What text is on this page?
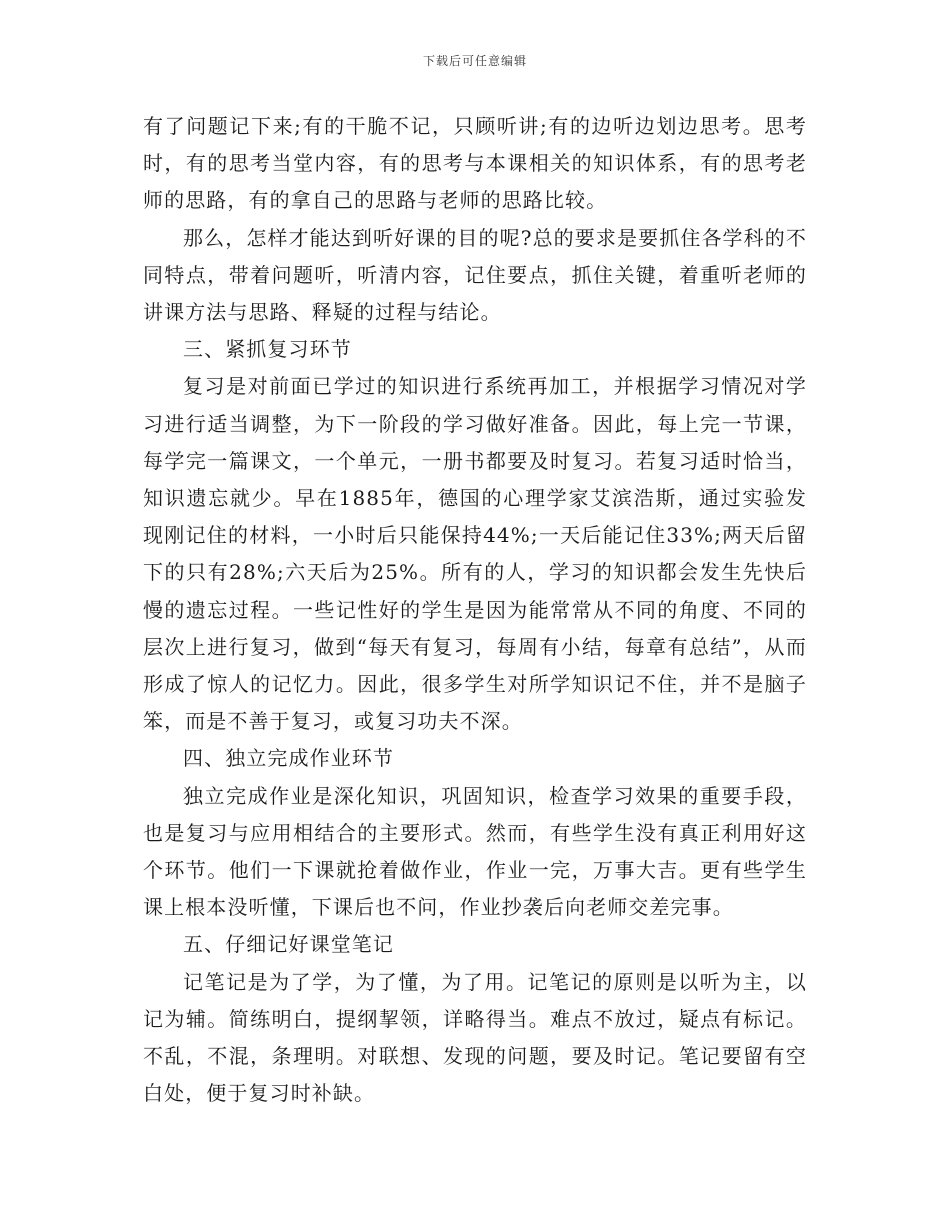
下载后可任意编辑

有了问题记下来;有的干脆不记，只顾听讲;有的边听边划边思考。思考时，有的思考当堂内容，有的思考与本课相关的知识体系，有的思考老师的思路，有的拿自己的思路与老师的思路比较。

那么，怎样才能达到听好课的目的呢?总的要求是要抓住各学科的不同特点，带着问题听，听清内容，记住要点，抓住关键，着重听老师的讲课方法与思路、释疑的过程与结论。

三、紧抓复习环节

复习是对前面已学过的知识进行系统再加工，并根据学习情况对学习进行适当调整，为下一阶段的学习做好准备。因此，每上完一节课，每学完一篇课文，一个单元，一册书都要及时复习。若复习适时恰当，知识遗忘就少。早在1885年，德国的心理学家艾滨浩斯，通过实验发现刚记住的材料，一小时后只能保持44%;一天后能记住33%;两天后留下的只有28%;六天后为25%。所有的人，学习的知识都会发生先快后慢的遗忘过程。一些记性好的学生是因为能常常从不同的角度、不同的层次上进行复习，做到“每天有复习，每周有小结，每章有总结”，从而形成了惊人的记忆力。因此，很多学生对所学知识记不住，并不是脑子笨，而是不善于复习，或复习功夫不深。

四、独立完成作业环节

独立完成作业是深化知识，巩固知识，检查学习效果的重要手段，也是复习与应用相结合的主要形式。然而，有些学生没有真正利用好这个环节。他们一下课就抢着做作业，作业一完，万事大吉。更有些学生课上根本没听懂，下课后也不问，作业抄袭后向老师交差完事。

五、仔细记好课堂笔记

记笔记是为了学，为了懂，为了用。记笔记的原则是以听为主，以记为辅。简练明白，提纲挈领，详略得当。难点不放过，疑点有标记。不乱，不混，条理明。对联想、发现的问题，要及时记。笔记要留有空白处，便于复习时补缺。
